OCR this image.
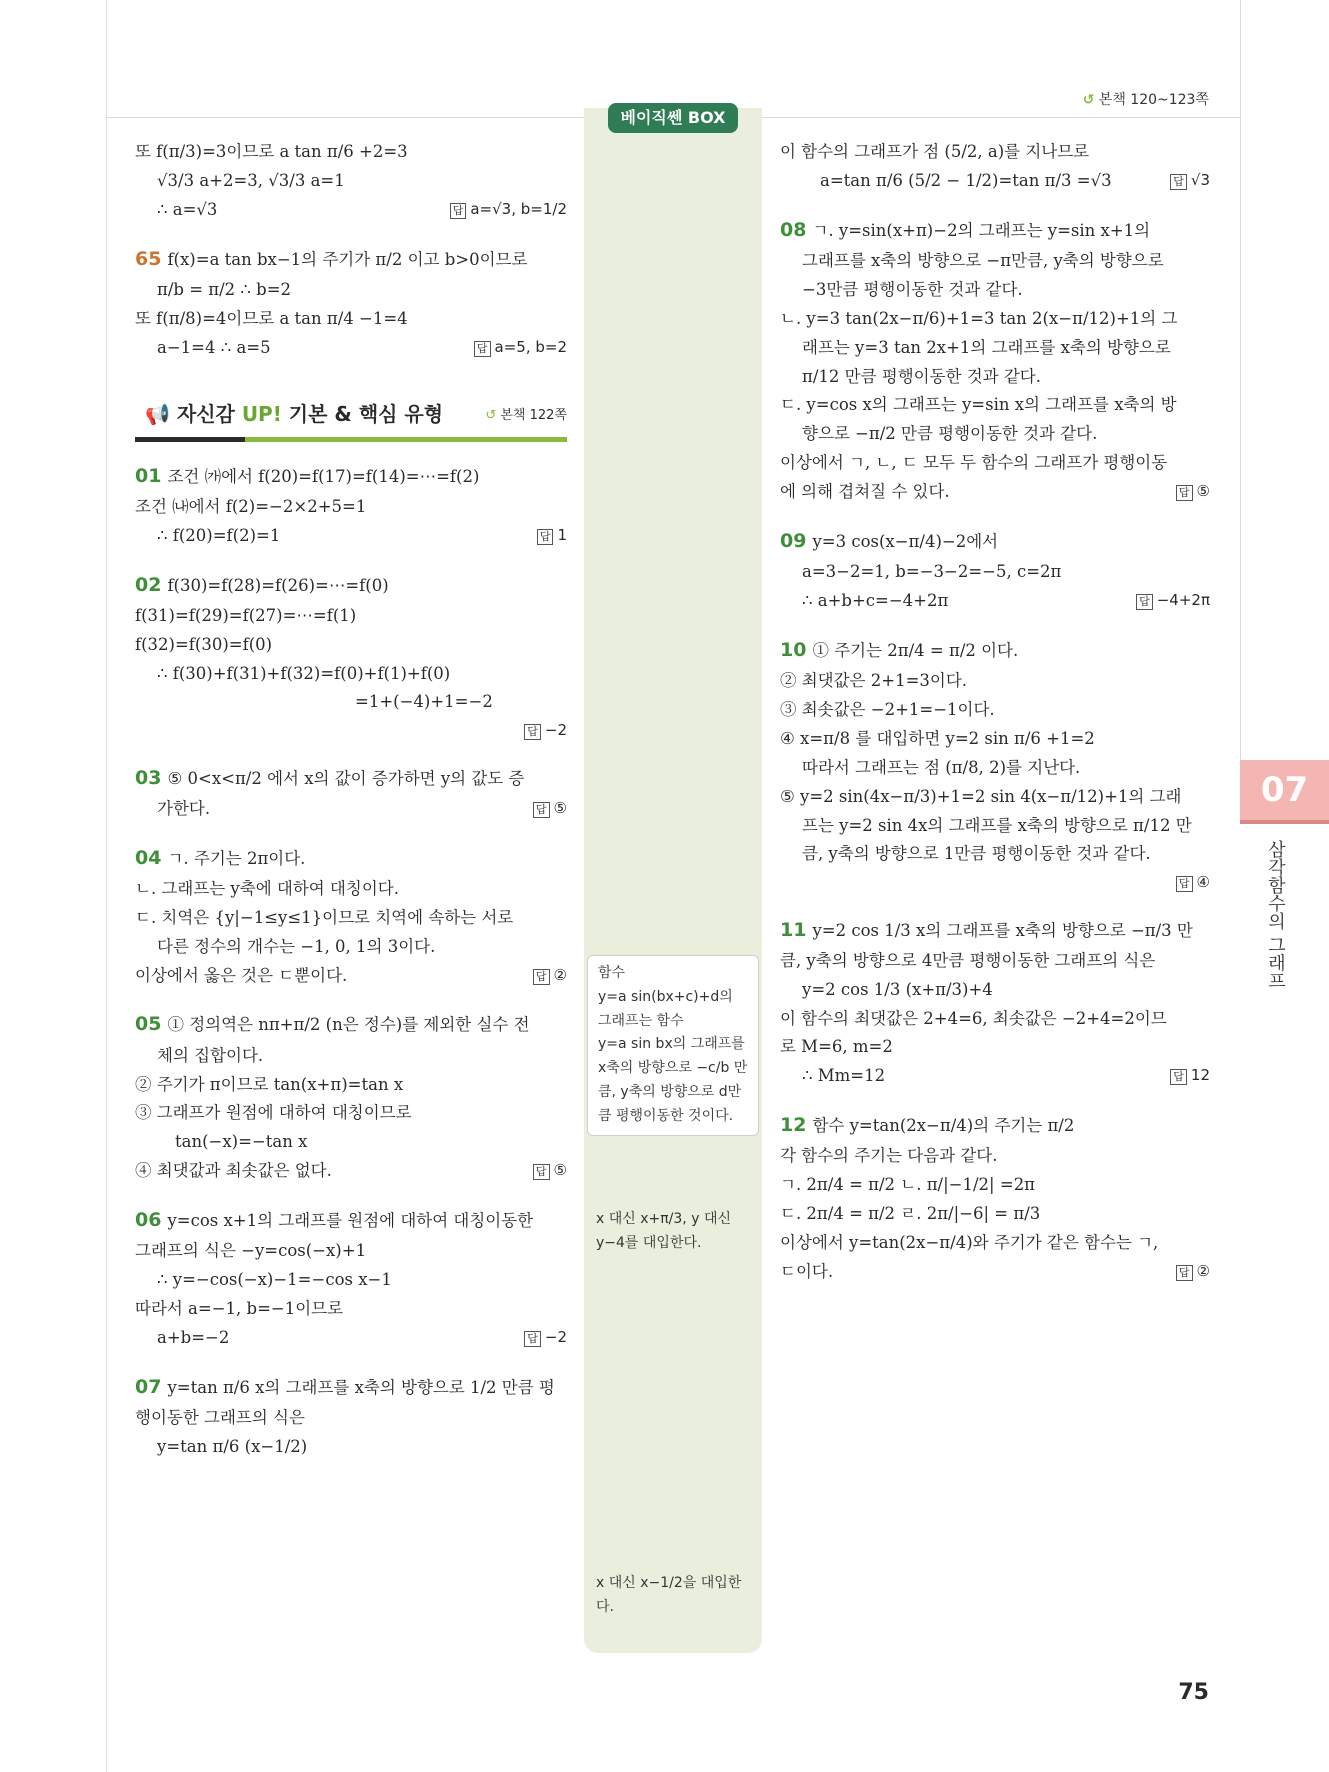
↺ 본책 120~123쪽
베이직쎈 BOX
07
삼각함수의 그래프
또 f(π/3)=3이므로 a tan π/6 +2=3
√3/3 a+2=3, √3/3 a=1
∴ a=√3	답 a=√3, b=1/2
65 f(x)=a tan bx−1의 주기가 π/2 이고 b>0이므로
π/b = π/2 ∴ b=2
또 f(π/8)=4이므로 a tan π/4 −1=4
a−1=4 ∴ a=5	답 a=5, b=2
📢 자신감 UP! 기본 & 핵심 유형	↺ 본책 122쪽
01 조건 ㈎에서 f(20)=f(17)=f(14)=⋯=f(2)
조건 ㈏에서 f(2)=−2×2+5=1
∴ f(20)=f(2)=1	답 1
02 f(30)=f(28)=f(26)=⋯=f(0)
f(31)=f(29)=f(27)=⋯=f(1)
f(32)=f(30)=f(0)
∴ f(30)+f(31)+f(32)=f(0)+f(1)+f(0)
=1+(−4)+1=−2
답 −2
03 ⑤ 0<x<π/2 에서 x의 값이 증가하면 y의 값도 증
가한다.	답 ⑤
04 ㄱ. 주기는 2π이다.
ㄴ. 그래프는 y축에 대하여 대칭이다.
ㄷ. 치역은 {y|−1≤y≤1}이므로 치역에 속하는 서로
다른 정수의 개수는 −1, 0, 1의 3이다.
이상에서 옳은 것은 ㄷ뿐이다.	답 ②
05 ① 정의역은 nπ+π/2 (n은 정수)를 제외한 실수 전
체의 집합이다.
② 주기가 π이므로 tan(x+π)=tan x
③ 그래프가 원점에 대하여 대칭이므로
tan(−x)=−tan x
④ 최댓값과 최솟값은 없다.	답 ⑤
06 y=cos x+1의 그래프를 원점에 대하여 대칭이동한
그래프의 식은 −y=cos(−x)+1
∴ y=−cos(−x)−1=−cos x−1
따라서 a=−1, b=−1이므로
a+b=−2	답 −2
07 y=tan π/6 x의 그래프를 x축의 방향으로 1/2 만큼 평
행이동한 그래프의 식은
y=tan π/6 (x−1/2)
함수
y=a sin(bx+c)+d의
그래프는 함수
y=a sin bx의 그래프를
x축의 방향으로 −c/b 만
큼, y축의 방향으로 d만
큼 평행이동한 것이다.
x 대신 x+π/3, y 대신
y−4를 대입한다.
x 대신 x−1/2을 대입한
다.
이 함수의 그래프가 점 (5/2, a)를 지나므로
a=tan π/6 (5/2 − 1/2)=tan π/3 =√3	답 √3
08 ㄱ. y=sin(x+π)−2의 그래프는 y=sin x+1의
그래프를 x축의 방향으로 −π만큼, y축의 방향으로
−3만큼 평행이동한 것과 같다.
ㄴ. y=3 tan(2x−π/6)+1=3 tan 2(x−π/12)+1의 그
래프는 y=3 tan 2x+1의 그래프를 x축의 방향으로
π/12 만큼 평행이동한 것과 같다.
ㄷ. y=cos x의 그래프는 y=sin x의 그래프를 x축의 방
향으로 −π/2 만큼 평행이동한 것과 같다.
이상에서 ㄱ, ㄴ, ㄷ 모두 두 함수의 그래프가 평행이동
에 의해 겹쳐질 수 있다.	답 ⑤
09 y=3 cos(x−π/4)−2에서
a=3−2=1, b=−3−2=−5, c=2π
∴ a+b+c=−4+2π	답 −4+2π
10 ① 주기는 2π/4 = π/2 이다.
② 최댓값은 2+1=3이다.
③ 최솟값은 −2+1=−1이다.
④ x=π/8 를 대입하면 y=2 sin π/6 +1=2
따라서 그래프는 점 (π/8, 2)를 지난다.
⑤ y=2 sin(4x−π/3)+1=2 sin 4(x−π/12)+1의 그래
프는 y=2 sin 4x의 그래프를 x축의 방향으로 π/12 만
큼, y축의 방향으로 1만큼 평행이동한 것과 같다.
답 ④
11 y=2 cos 1/3 x의 그래프를 x축의 방향으로 −π/3 만
큼, y축의 방향으로 4만큼 평행이동한 그래프의 식은
y=2 cos 1/3 (x+π/3)+4
이 함수의 최댓값은 2+4=6, 최솟값은 −2+4=2이므
로 M=6, m=2
∴ Mm=12	답 12
12 함수 y=tan(2x−π/4)의 주기는 π/2
각 함수의 주기는 다음과 같다.
ㄱ. 2π/4 = π/2 ㄴ. π/|−1/2| =2π
ㄷ. 2π/4 = π/2 ㄹ. 2π/|−6| = π/3
이상에서 y=tan(2x−π/4)와 주기가 같은 함수는 ㄱ,
ㄷ이다.	답 ②
75
